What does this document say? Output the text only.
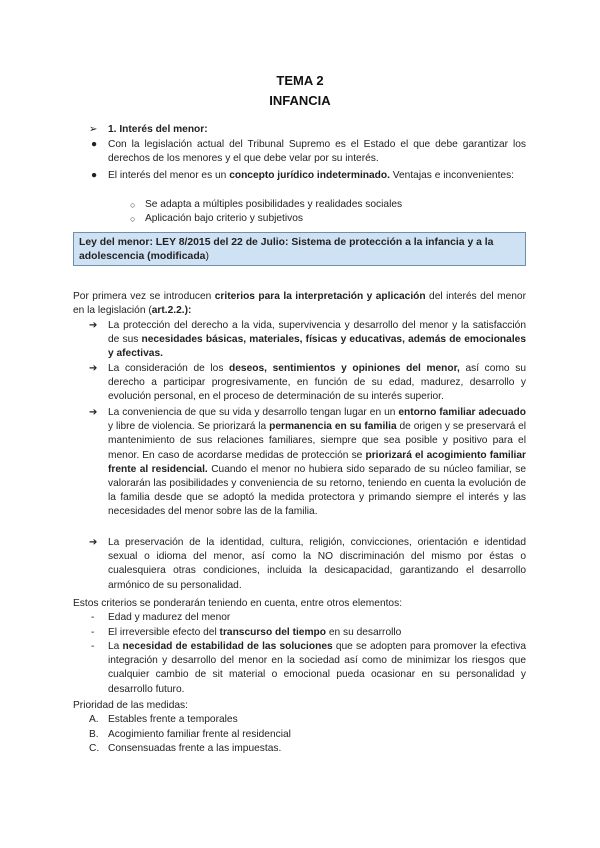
TEMA 2
INFANCIA
➢ 1. Interés del menor:
● Con la legislación actual del Tribunal Supremo es el Estado el que debe garantizar los derechos de los menores y el que debe velar por su interés.
● El interés del menor es un concepto jurídico indeterminado. Ventajas e inconvenientes:
○ Se adapta a múltiples posibilidades y realidades sociales
○ Aplicación bajo criterio y subjetivos
Ley del menor: LEY 8/2015 del 22 de Julio: Sistema de protección a la infancia y a la adolescencia (modificada)
Por primera vez se introducen criterios para la interpretación y aplicación del interés del menor en la legislación (art.2.2.):
➔ La protección del derecho a la vida, supervivencia y desarrollo del menor y la satisfacción de sus necesidades básicas, materiales, físicas y educativas, además de emocionales y afectivas.
➔ La consideración de los deseos, sentimientos y opiniones del menor, así como su derecho a participar progresivamente, en función de su edad, madurez, desarrollo y evolución personal, en el proceso de determinación de su interés superior.
➔ La conveniencia de que su vida y desarrollo tengan lugar en un entorno familiar adecuado y libre de violencia. Se priorizará la permanencia en su familia de origen y se preservará el mantenimiento de sus relaciones familiares, siempre que sea posible y positivo para el menor. En caso de acordarse medidas de protección se priorizará el acogimiento familiar frente al residencial. Cuando el menor no hubiera sido separado de su núcleo familiar, se valorarán las posibilidades y conveniencia de su retorno, teniendo en cuenta la evolución de la familia desde que se adoptó la medida protectora y primando siempre el interés y las necesidades del menor sobre las de la familia.
➔ La preservación de la identidad, cultura, religión, convicciones, orientación e identidad sexual o idioma del menor, así como la NO discriminación del mismo por éstas o cualesquiera otras condiciones, incluida la desicapacidad, garantizando el desarrollo armónico de su personalidad.
Estos criterios se ponderarán teniendo en cuenta, entre otros elementos:
- Edad y madurez del menor
- El irreversible efecto del transcurso del tiempo en su desarrollo
- La necesidad de estabilidad de las soluciones que se adopten para promover la efectiva integración y desarrollo del menor en la sociedad así como de minimizar los riesgos que cualquier cambio de sit material o emocional pueda ocasionar en su personalidad y desarrollo futuro.
Prioridad de las medidas:
A. Estables frente a temporales
B. Acogimiento familiar frente al residencial
C. Consensuadas frente a las impuestas.
